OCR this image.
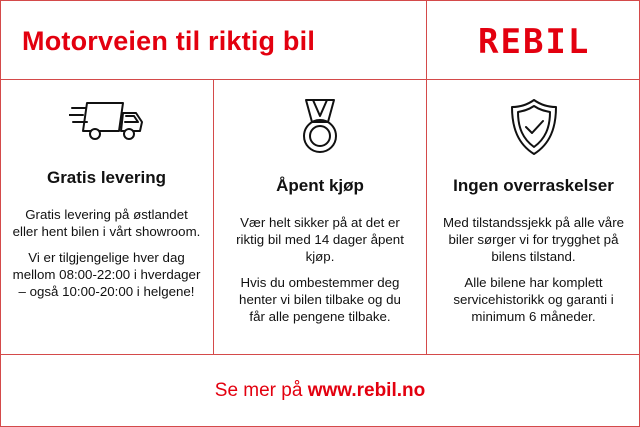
Motorveien til riktig bil	REBIL
Gratis levering

Gratis levering på østlandet eller hent bilen i vårt showroom.

Vi er tilgjengelige hver dag mellom 08:00-22:00 i hverdager – også 10:00-20:00 i helgene!

Åpent kjøp

Vær helt sikker på at det er riktig bil med 14 dager åpent kjøp.

Hvis du ombestemmer deg henter vi bilen tilbake og du får alle pengene tilbake.

Ingen overraskelser

Med tilstandssjekk på alle våre biler sørger vi for trygghet på bilens tilstand.

Alle bilene har komplett servicehistorikk og garanti i minimum 6 måneder.

Se mer på www.rebil.no
